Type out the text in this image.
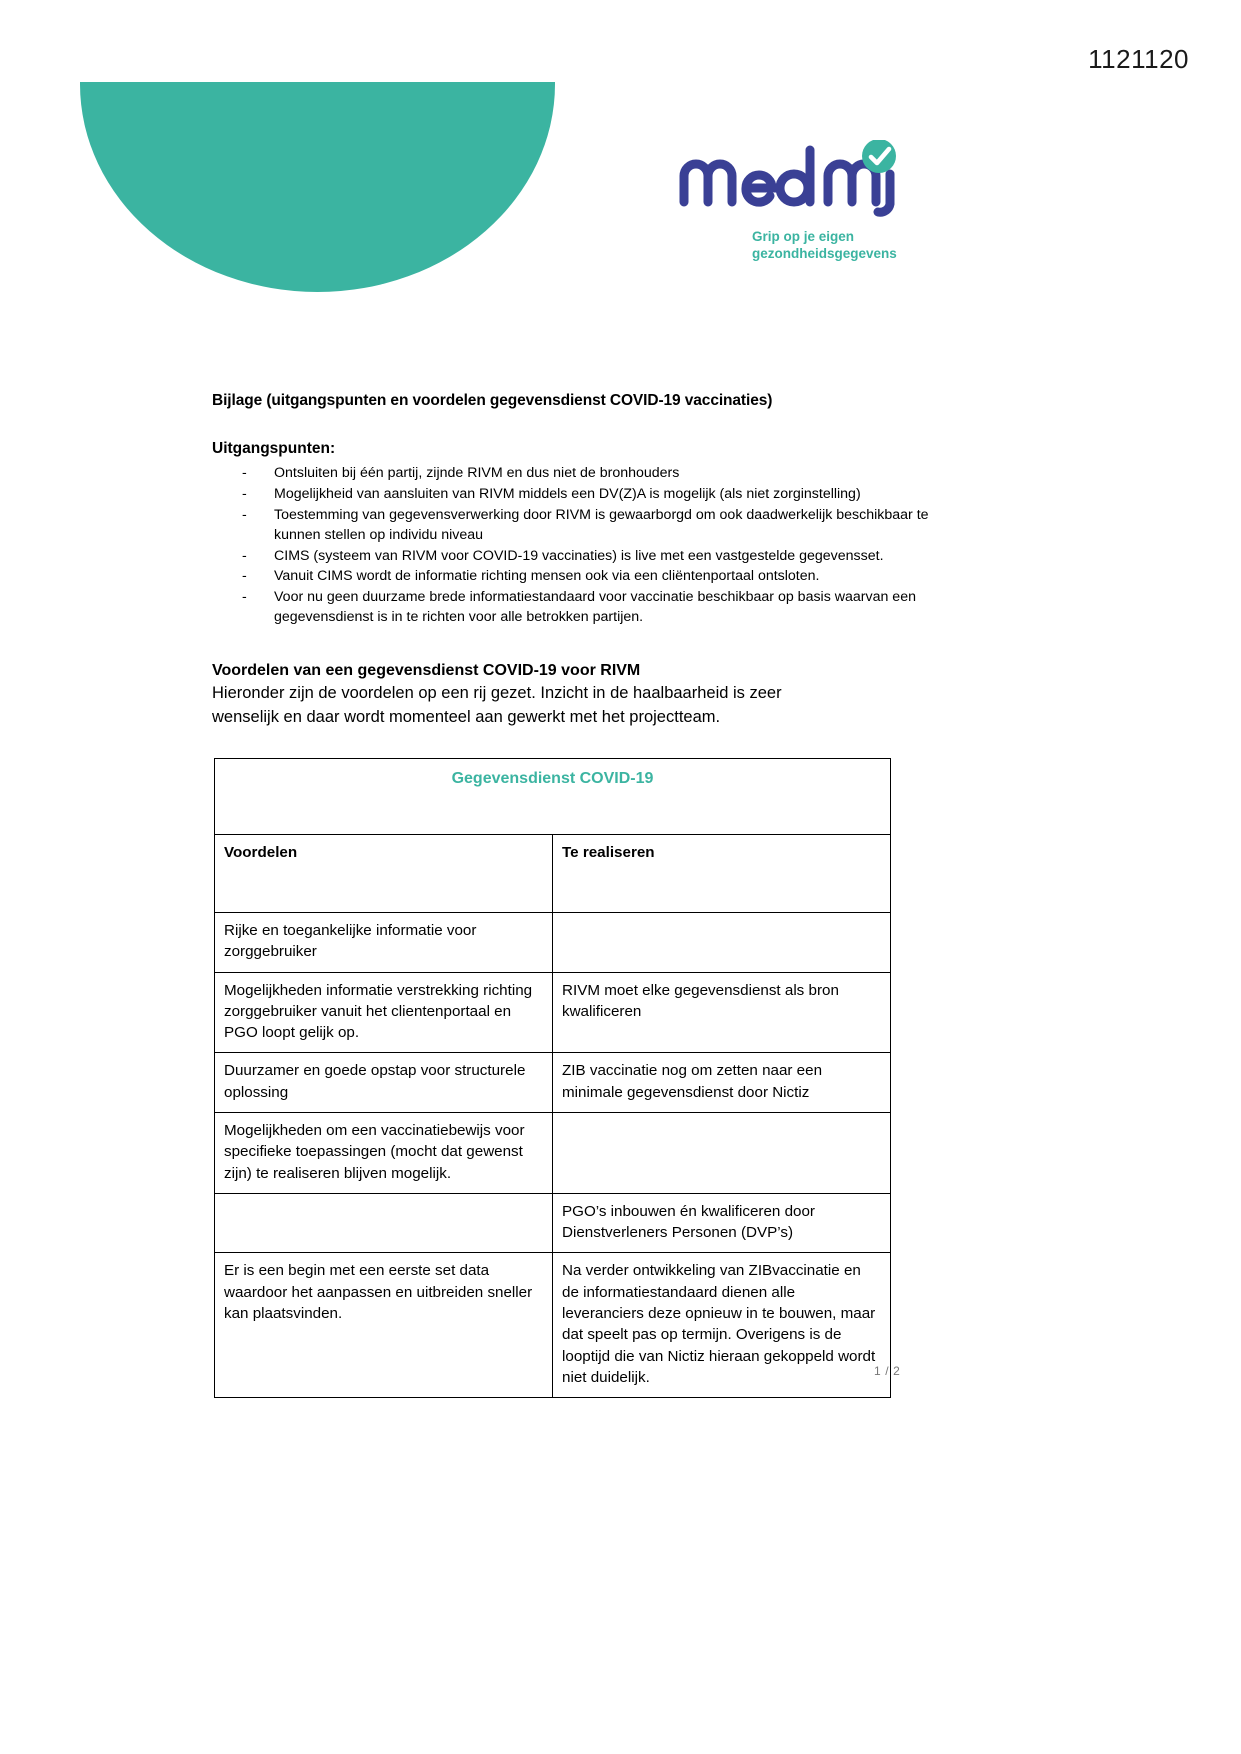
1121120
Grip op je eigen
gezondheidsgegevens
Bijlage (uitgangspunten en voordelen gegevensdienst COVID-19 vaccinaties)
Uitgangspunten:
- Ontsluiten bij één partij, zijnde RIVM en dus niet de bronhouders
- Mogelijkheid van aansluiten van RIVM middels een DV(Z)A is mogelijk (als niet zorginstelling)
- Toestemming van gegevensverwerking door RIVM is gewaarborgd om ook daadwerkelijk beschikbaar te kunnen stellen op individu niveau
- CIMS (systeem van RIVM voor COVID-19 vaccinaties) is live met een vastgestelde gegevensset.
- Vanuit CIMS wordt de informatie richting mensen ook via een cliëntenportaal ontsloten.
- Voor nu geen duurzame brede informatiestandaard voor vaccinatie beschikbaar op basis waarvan een gegevensdienst is in te richten voor alle betrokken partijen.
Voordelen van een gegevensdienst COVID-19 voor RIVM

Hieronder zijn de voordelen op een rij gezet. Inzicht in de haalbaarheid is zeer wenselijk en daar wordt momenteel aan gewerkt met het projectteam.

Gegevensdienst COVID-19	
Voordelen	Te realiseren
Rijke en toegankelijke informatie voor zorggebruiker	
Mogelijkheden informatie verstrekking richting zorggebruiker vanuit het clientenportaal en PGO loopt gelijk op.	RIVM moet elke gegevensdienst als bron kwalificeren
Duurzamer en goede opstap voor structurele oplossing	ZIB vaccinatie nog om zetten naar een minimale gegevensdienst door Nictiz
Mogelijkheden om een vaccinatiebewijs voor specifieke toepassingen (mocht dat gewenst zijn) te realiseren blijven mogelijk.	
	PGO’s inbouwen én kwalificeren door Dienstverleners Personen (DVP’s)
Er is een begin met een eerste set data waardoor het aanpassen en uitbreiden sneller kan plaatsvinden.	Na verder ontwikkeling van ZIBvaccinatie en de informatiestandaard dienen alle leveranciers deze opnieuw in te bouwen, maar dat speelt pas op termijn. Overigens is de looptijd die van Nictiz hieraan gekoppeld wordt niet duidelijk.	1 / 2
